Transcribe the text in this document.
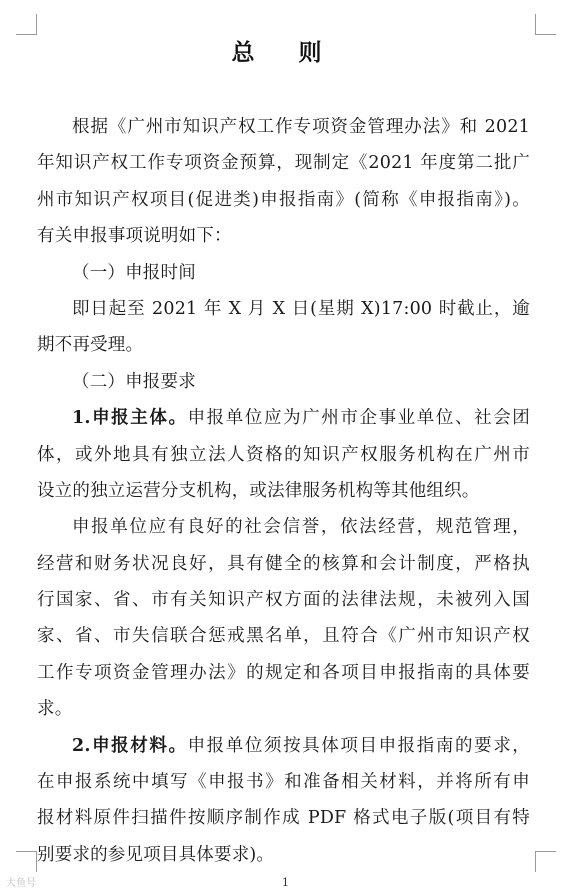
总 则
根据《广州市知识产权工作专项资金管理办法》和 2021
年知识产权工作专项资金预算，现制定《2021 年度第二批广
州市知识产权项目(促进类)申报指南》(简称《申报指南》)。
有关申报事项说明如下：
（一）申报时间
即日起至 2021 年 X 月 X 日(星期 X)17:00 时截止，逾
期不再受理。
（二）申报要求
1.申报主体。申报单位应为广州市企事业单位、社会团
体，或外地具有独立法人资格的知识产权服务机构在广州市
设立的独立运营分支机构，或法律服务机构等其他组织。
申报单位应有良好的社会信誉，依法经营，规范管理，
经营和财务状况良好，具有健全的核算和会计制度，严格执
行国家、省、市有关知识产权方面的法律法规，未被列入国
家、省、市失信联合惩戒黑名单，且符合《广州市知识产权
工作专项资金管理办法》的规定和各项目申报指南的具体要
求。
2.申报材料。申报单位须按具体项目申报指南的要求，
在申报系统中填写《申报书》和准备相关材料，并将所有申
报材料原件扫描件按顺序制作成 PDF 格式电子版(项目有特
别要求的参见项目具体要求)。
1
大鱼号
